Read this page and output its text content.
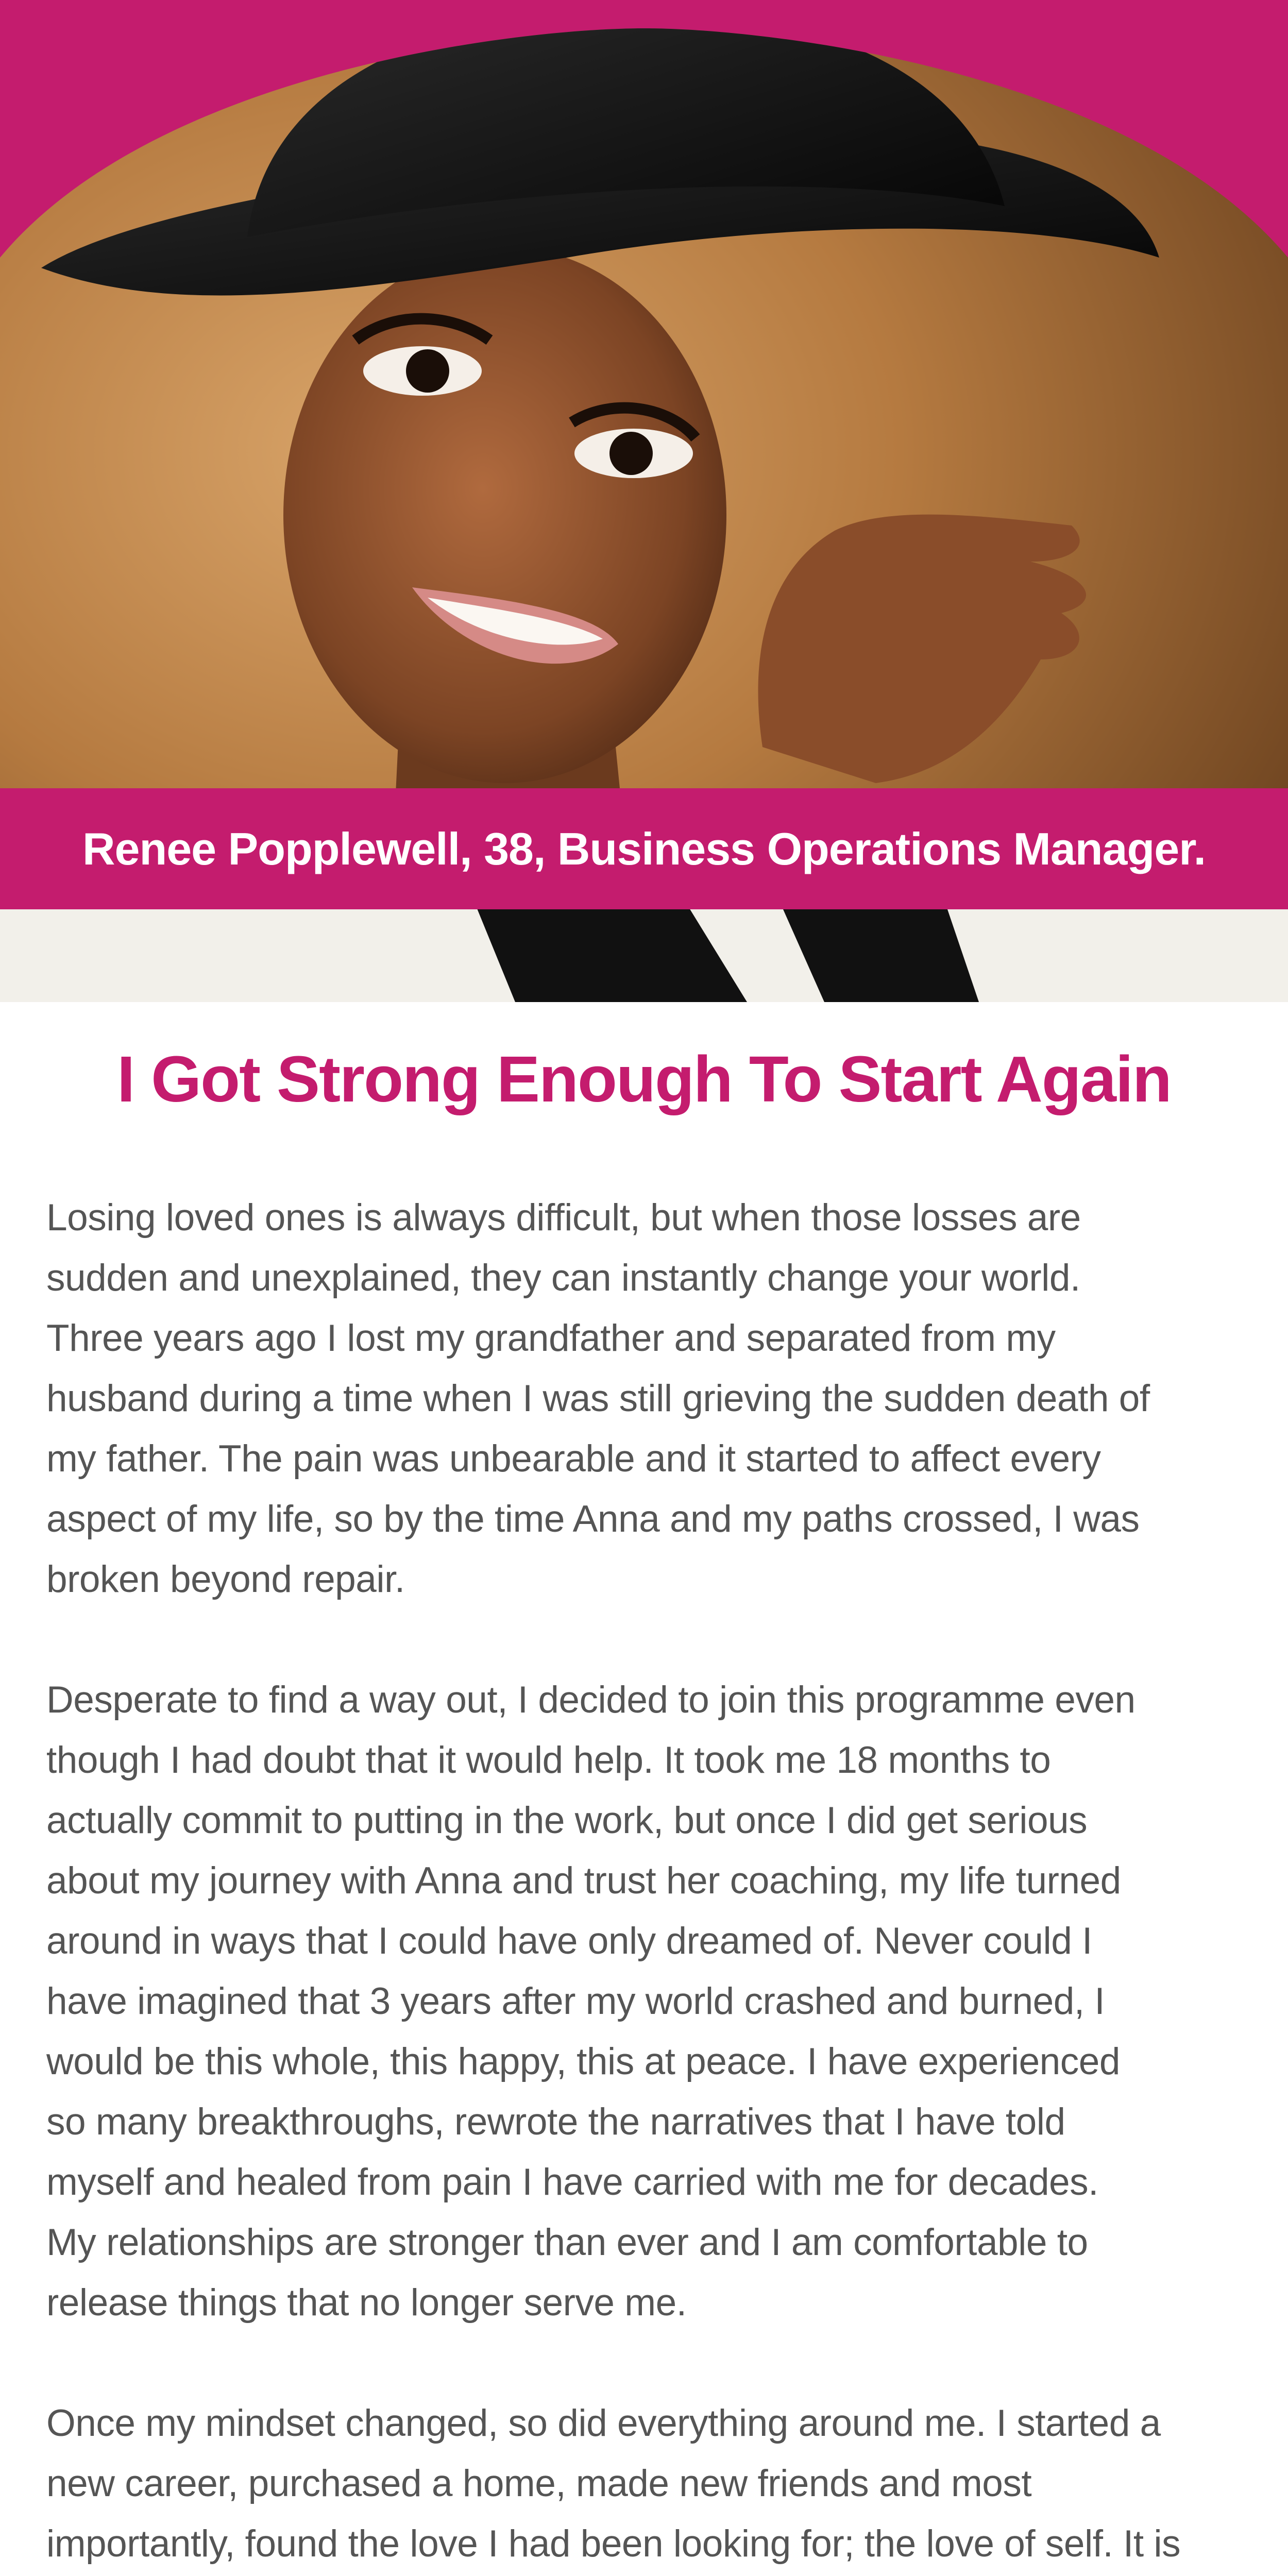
Renee Popplewell, 38, Business Operations Manager.
I Got Strong Enough To Start Again

Losing loved ones is always difficult, but when those losses are
sudden and unexplained, they can instantly change your world.
Three years ago I lost my grandfather and separated from my
husband during a time when I was still grieving the sudden death of
my father. The pain was unbearable and it started to affect every
aspect of my life, so by the time Anna and my paths crossed, I was
broken beyond repair.

Desperate to find a way out, I decided to join this programme even
though I had doubt that it would help. It took me 18 months to
actually commit to putting in the work, but once I did get serious
about my journey with Anna and trust her coaching, my life turned
around in ways that I could have only dreamed of. Never could I
have imagined that 3 years after my world crashed and burned, I
would be this whole, this happy, this at peace. I have experienced
so many breakthroughs, rewrote the narratives that I have told
myself and healed from pain I have carried with me for decades.
My relationships are stronger than ever and I am comfortable to
release things that no longer serve me.

Once my mindset changed, so did everything around me. I started a
new career, purchased a home, made new friends and most
importantly, found the love I had been looking for; the love of self. It is
